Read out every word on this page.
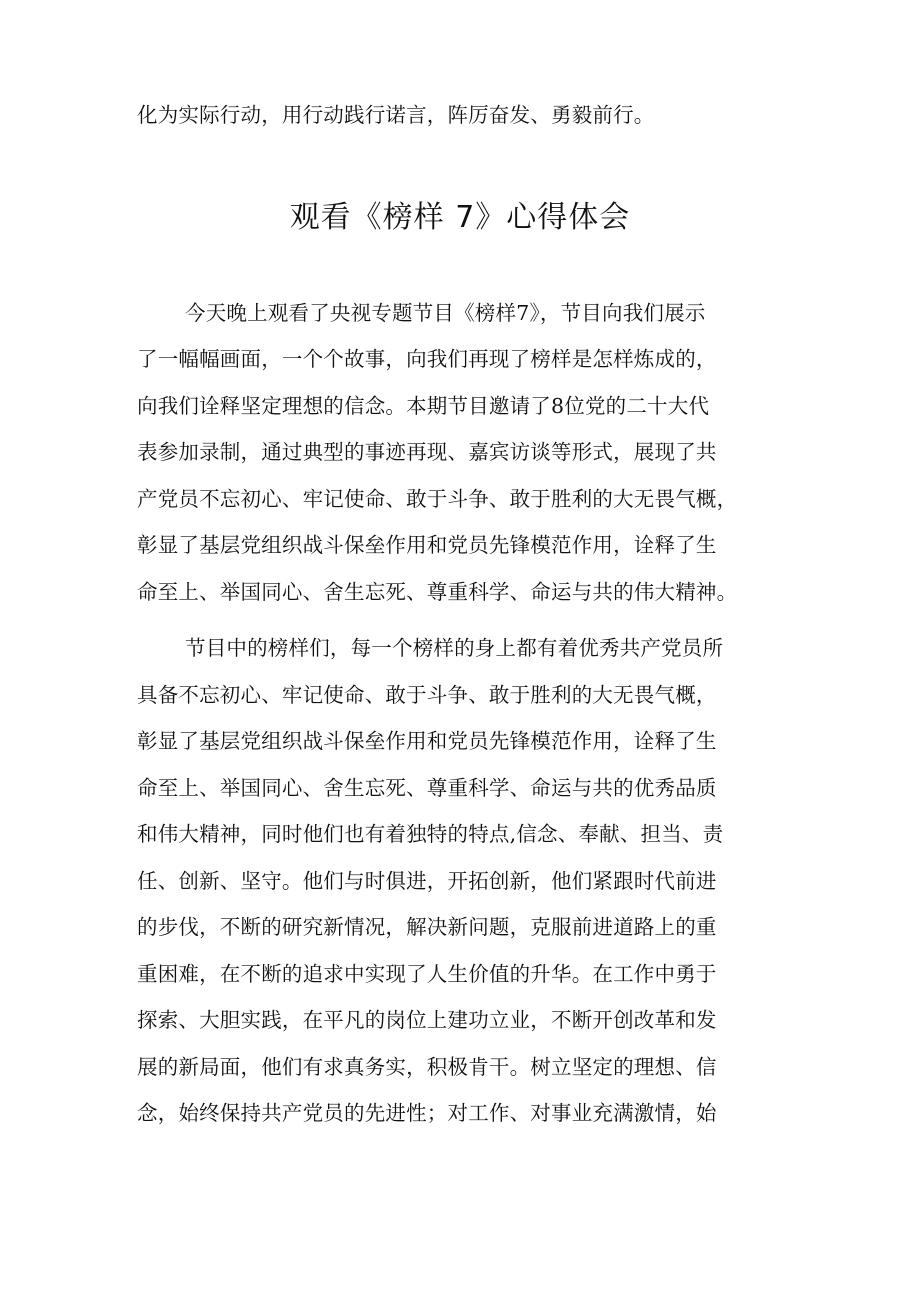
化为实际行动，用行动践行诺言，阵厉奋发、勇毅前行。

观看《榜样 7》心得体会

今天晚上观看了央视专题节目《榜样7》，节目向我们展示

了一幅幅画面，一个个故事，向我们再现了榜样是怎样炼成的，

向我们诠释坚定理想的信念。本期节目邀请了8位党的二十大代

表参加录制，通过典型的事迹再现、嘉宾访谈等形式，展现了共

产党员不忘初心、牢记使命、敢于斗争、敢于胜利的大无畏气概，

彰显了基层党组织战斗保垒作用和党员先锋模范作用，诠释了生

命至上、举国同心、舍生忘死、尊重科学、命运与共的伟大精神。

节目中的榜样们，每一个榜样的身上都有着优秀共产党员所

具备不忘初心、牢记使命、敢于斗争、敢于胜利的大无畏气概，

彰显了基层党组织战斗保垒作用和党员先锋模范作用，诠释了生

命至上、举国同心、舍生忘死、尊重科学、命运与共的优秀品质

和伟大精神，同时他们也有着独特的特点,信念、奉献、担当、责

任、创新、坚守。他们与时俱进，开拓创新，他们紧跟时代前进

的步伐，不断的研究新情况，解决新问题，克服前进道路上的重

重困难，在不断的追求中实现了人生价值的升华。在工作中勇于

探索、大胆实践，在平凡的岗位上建功立业，不断开创改革和发

展的新局面，他们有求真务实，积极肯干。树立坚定的理想、信

念，始终保持共产党员的先进性；对工作、对事业充满激情，始
